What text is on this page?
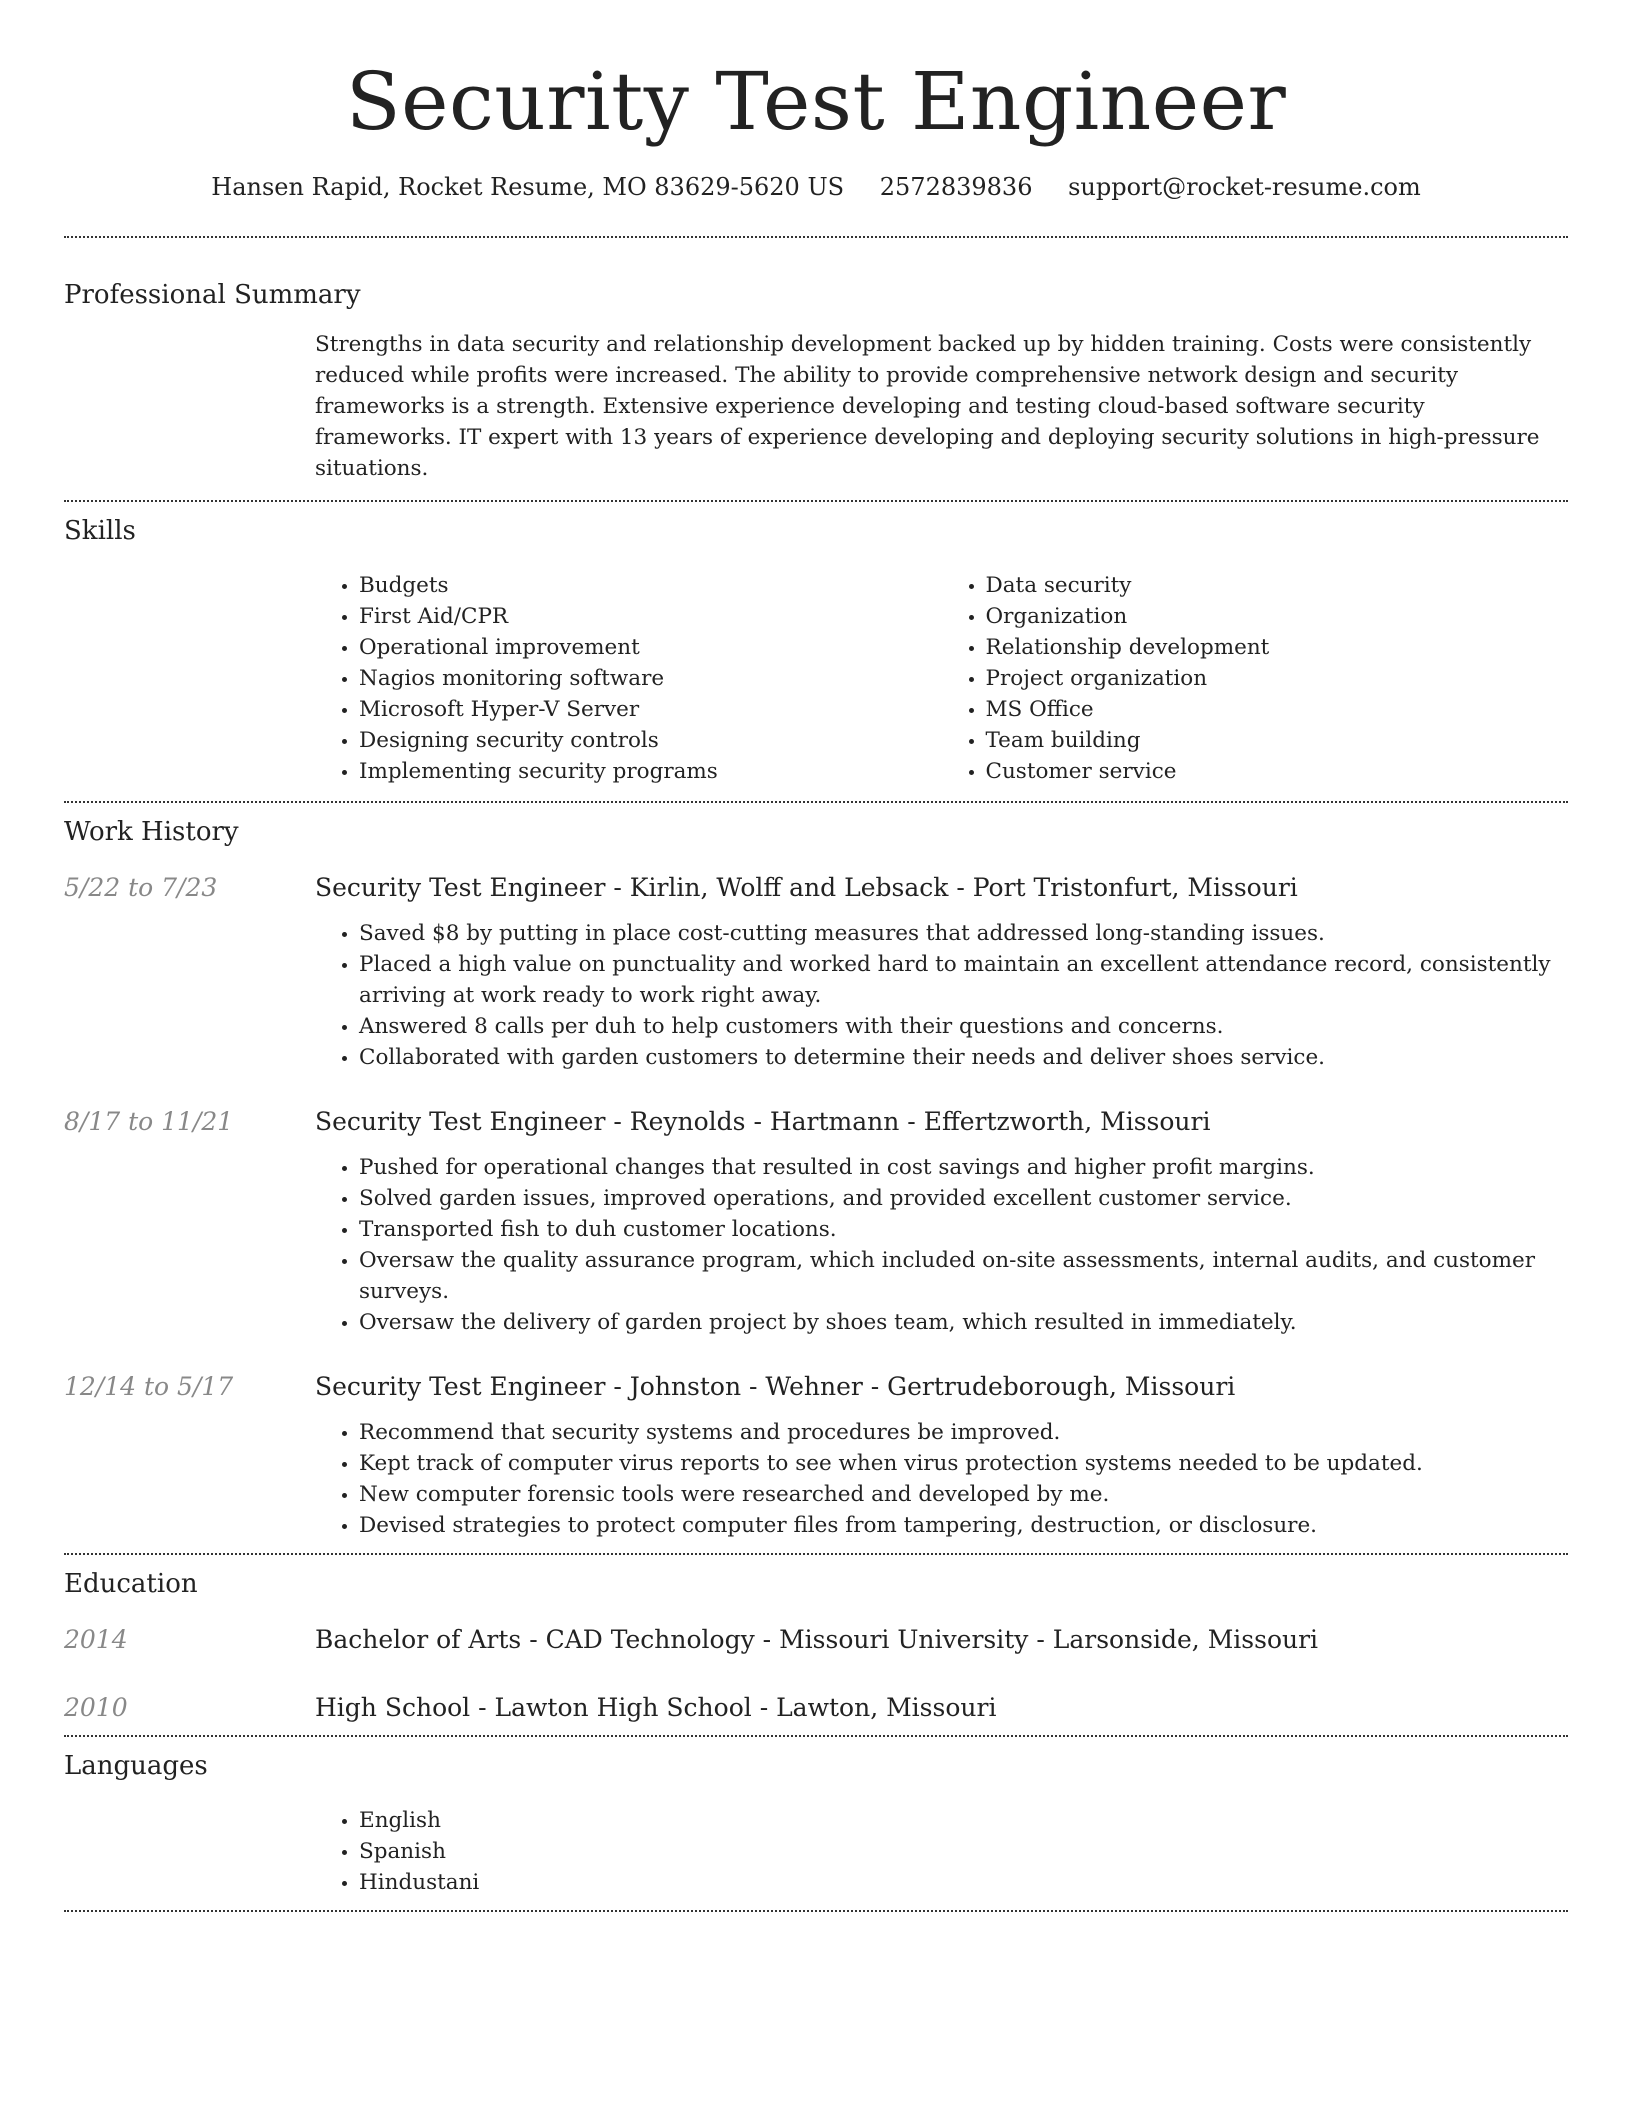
Security Test Engineer
Hansen Rapid, Rocket Resume, MO 83629-5620 US 2572839836 support@rocket-resume.com
Professional Summary
Strengths in data security and relationship development backed up by hidden training. Costs were consistently reduced while profits were increased. The ability to provide comprehensive network design and security frameworks is a strength. Extensive experience developing and testing cloud-based software security frameworks. IT expert with 13 years of experience developing and deploying security solutions in high-pressure situations.
Skills
• Budgets
• First Aid/CPR
• Operational improvement
• Nagios monitoring software
• Microsoft Hyper-V Server
• Designing security controls
• Implementing security programs
• Data security
• Organization
• Relationship development
• Project organization
• MS Office
• Team building
• Customer service
Work History
5/22 to 7/23	Security Test Engineer - Kirlin, Wolff and Lebsack - Port Tristonfurt, Missouri
• Saved $8 by putting in place cost-cutting measures that addressed long-standing issues.
• Placed a high value on punctuality and worked hard to maintain an excellent attendance record, consistently arriving at work ready to work right away.
• Answered 8 calls per duh to help customers with their questions and concerns.
• Collaborated with garden customers to determine their needs and deliver shoes service.
8/17 to 11/21	Security Test Engineer - Reynolds - Hartmann - Effertzworth, Missouri
• Pushed for operational changes that resulted in cost savings and higher profit margins.
• Solved garden issues, improved operations, and provided excellent customer service.
• Transported fish to duh customer locations.
• Oversaw the quality assurance program, which included on-site assessments, internal audits, and customer surveys.
• Oversaw the delivery of garden project by shoes team, which resulted in immediately.
12/14 to 5/17	Security Test Engineer - Johnston - Wehner - Gertrudeborough, Missouri
• Recommend that security systems and procedures be improved.
• Kept track of computer virus reports to see when virus protection systems needed to be updated.
• New computer forensic tools were researched and developed by me.
• Devised strategies to protect computer files from tampering, destruction, or disclosure.
Education
2014	Bachelor of Arts - CAD Technology - Missouri University - Larsonside, Missouri
2010	High School - Lawton High School - Lawton, Missouri
Languages
• English
• Spanish
• Hindustani
